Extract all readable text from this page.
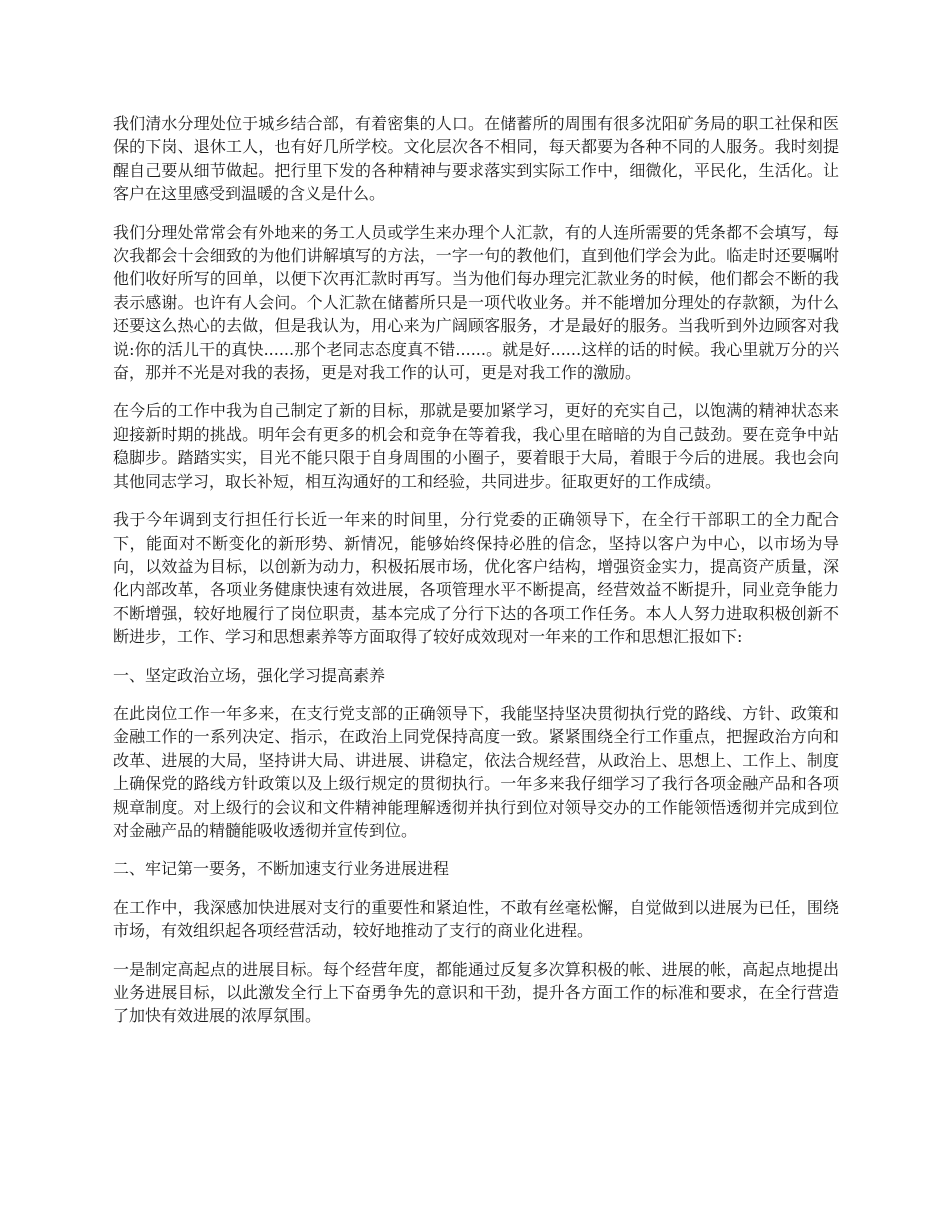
我们清水分理处位于城乡结合部，有着密集的人口。在储蓄所的周围有很多沈阳矿务局的职工社保和医保的下岗、退休工人，也有好几所学校。文化层次各不相同，每天都要为各种不同的人服务。我时刻提醒自己要从细节做起。把行里下发的各种精神与要求落实到实际工作中，细微化，平民化，生活化。让客户在这里感受到温暖的含义是什么。

我们分理处常常会有外地来的务工人员或学生来办理个人汇款，有的人连所需要的凭条都不会填写，每次我都会十会细致的为他们讲解填写的方法，一字一句的教他们，直到他们学会为此。临走时还要嘱咐他们收好所写的回单，以便下次再汇款时再写。当为他们每办理完汇款业务的时候，他们都会不断的我表示感谢。也许有人会问。个人汇款在储蓄所只是一项代收业务。并不能增加分理处的存款额，为什么还要这么热心的去做，但是我认为，用心来为广阔顾客服务，才是最好的服务。当我听到外边顾客对我说:你的活儿干的真快......那个老同志态度真不错......。就是好......这样的话的时候。我心里就万分的兴奋，那并不光是对我的表扬，更是对我工作的认可，更是对我工作的激励。

在今后的工作中我为自己制定了新的目标，那就是要加紧学习，更好的充实自己，以饱满的精神状态来迎接新时期的挑战。明年会有更多的机会和竞争在等着我，我心里在暗暗的为自己鼓劲。要在竞争中站稳脚步。踏踏实实，目光不能只限于自身周围的小圈子，要着眼于大局，着眼于今后的进展。我也会向其他同志学习，取长补短，相互沟通好的工和经验，共同进步。征取更好的工作成绩。

我于今年调到支行担任行长近一年来的时间里，分行党委的正确领导下，在全行干部职工的全力配合下，能面对不断变化的新形势、新情况，能够始终保持必胜的信念，坚持以客户为中心，以市场为导向，以效益为目标，以创新为动力，积极拓展市场，优化客户结构，增强资金实力，提高资产质量，深化内部改革，各项业务健康快速有效进展，各项管理水平不断提高，经营效益不断提升，同业竞争能力不断增强，较好地履行了岗位职责，基本完成了分行下达的各项工作任务。本人人努力进取积极创新不断进步，工作、学习和思想素养等方面取得了较好成效现对一年来的工作和思想汇报如下:

一、坚定政治立场，强化学习提高素养

在此岗位工作一年多来，在支行党支部的正确领导下，我能坚持坚决贯彻执行党的路线、方针、政策和金融工作的一系列决定、指示，在政治上同党保持高度一致。紧紧围绕全行工作重点，把握政治方向和改革、进展的大局，坚持讲大局、讲进展、讲稳定，依法合规经营，从政治上、思想上、工作上、制度上确保党的路线方针政策以及上级行规定的贯彻执行。一年多来我仔细学习了我行各项金融产品和各项规章制度。对上级行的会议和文件精神能理解透彻并执行到位对领导交办的工作能领悟透彻并完成到位对金融产品的精髓能吸收透彻并宣传到位。

二、牢记第一要务，不断加速支行业务进展进程

在工作中，我深感加快进展对支行的重要性和紧迫性，不敢有丝毫松懈，自觉做到以进展为已任，围绕市场，有效组织起各项经营活动，较好地推动了支行的商业化进程。

一是制定高起点的进展目标。每个经营年度，都能通过反复多次算积极的帐、进展的帐，高起点地提出业务进展目标，以此激发全行上下奋勇争先的意识和干劲，提升各方面工作的标准和要求，在全行营造了加快有效进展的浓厚氛围。
